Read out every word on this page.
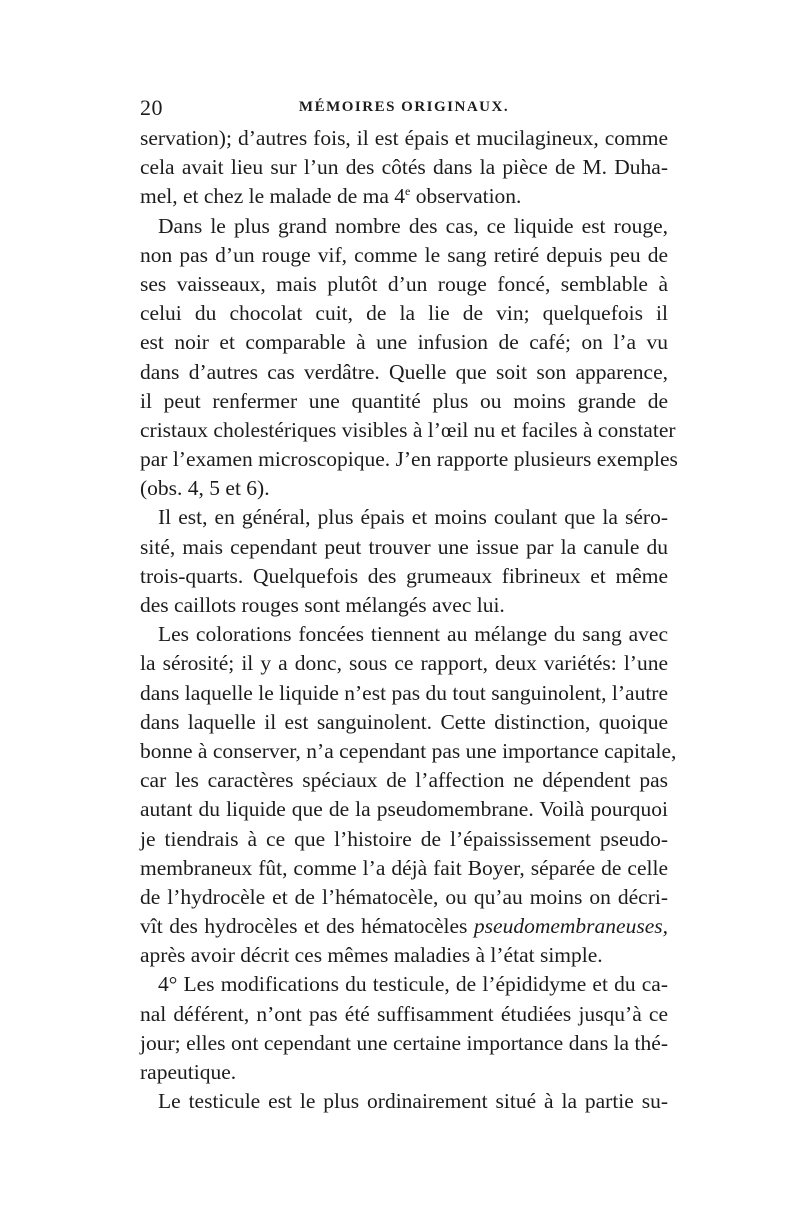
20	MÉMOIRES ORIGINAUX.
servation); d’autres fois, il est épais et mucilagineux, comme
cela avait lieu sur l’un des côtés dans la pièce de M. Duha-
mel, et chez le malade de ma 4e observation.
Dans le plus grand nombre des cas, ce liquide est rouge,
non pas d’un rouge vif, comme le sang retiré depuis peu de
ses vaisseaux, mais plutôt d’un rouge foncé, semblable à
celui du chocolat cuit, de la lie de vin; quelquefois il
est noir et comparable à une infusion de café; on l’a vu
dans d’autres cas verdâtre. Quelle que soit son apparence,
il peut renfermer une quantité plus ou moins grande de
cristaux cholestériques visibles à l’œil nu et faciles à constater
par l’examen microscopique. J’en rapporte plusieurs exemples
(obs. 4, 5 et 6).
Il est, en général, plus épais et moins coulant que la séro-
sité, mais cependant peut trouver une issue par la canule du
trois-quarts. Quelquefois des grumeaux fibrineux et même
des caillots rouges sont mélangés avec lui.
Les colorations foncées tiennent au mélange du sang avec
la sérosité; il y a donc, sous ce rapport, deux variétés: l’une
dans laquelle le liquide n’est pas du tout sanguinolent, l’autre
dans laquelle il est sanguinolent. Cette distinction, quoique
bonne à conserver, n’a cependant pas une importance capitale,
car les caractères spéciaux de l’affection ne dépendent pas
autant du liquide que de la pseudomembrane. Voilà pourquoi
je tiendrais à ce que l’histoire de l’épaississement pseudo-
membraneux fût, comme l’a déjà fait Boyer, séparée de celle
de l’hydrocèle et de l’hématocèle, ou qu’au moins on décri-
vît des hydrocèles et des hématocèles pseudomembraneuses,
après avoir décrit ces mêmes maladies à l’état simple.
4° Les modifications du testicule, de l’épididyme et du ca-
nal déférent, n’ont pas été suffisamment étudiées jusqu’à ce
jour; elles ont cependant une certaine importance dans la thé-
rapeutique.
Le testicule est le plus ordinairement situé à la partie su-
